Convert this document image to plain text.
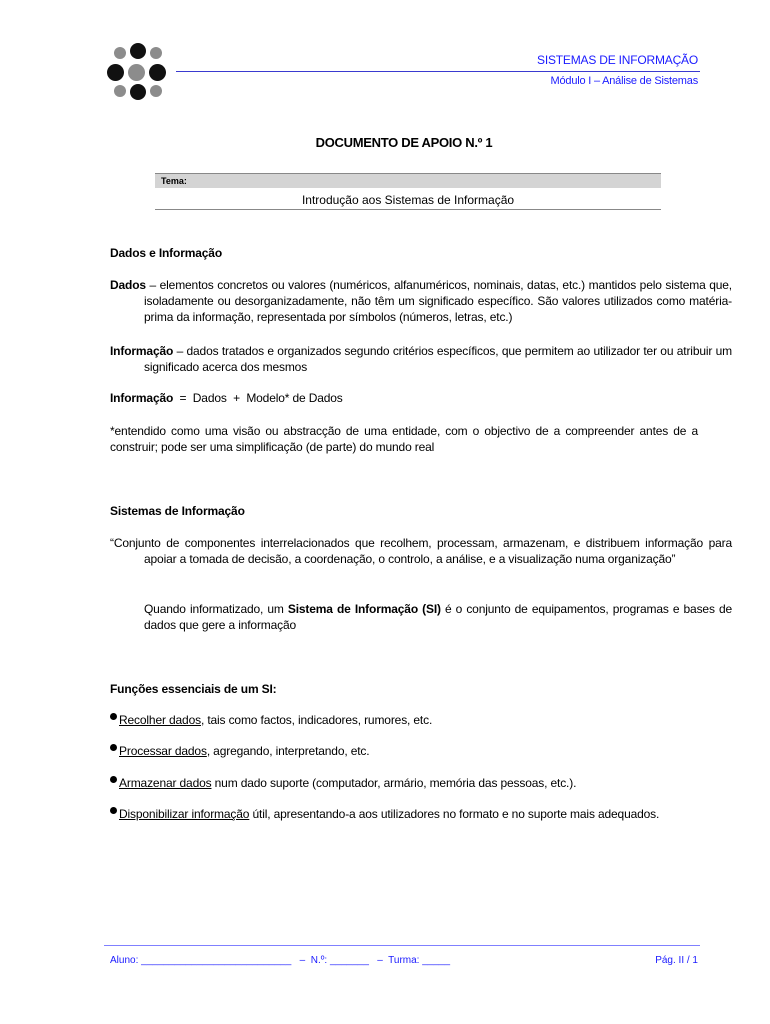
SISTEMAS DE INFORMAÇÃO
Módulo I – Análise de Sistemas
DOCUMENTO DE APOIO N.º 1
Tema:
Introdução aos Sistemas de Informação
Dados e Informação
Dados – elementos concretos ou valores (numéricos, alfanuméricos, nominais, datas, etc.) mantidos pelo sistema que, isoladamente ou desorganizadamente, não têm um significado específico. São valores utilizados como matéria-prima da informação, representada por símbolos (números, letras, etc.)
Informação – dados tratados e organizados segundo critérios específicos, que permitem ao utilizador ter ou atribuir um significado acerca dos mesmos
Informação  =  Dados  +  Modelo* de Dados
*entendido como uma visão ou abstracção de uma entidade, com o objectivo de a compreender antes de a construir; pode ser uma simplificação (de parte) do mundo real
Sistemas de Informação
“Conjunto de componentes interrelacionados que recolhem, processam, armazenam, e distribuem informação para apoiar a tomada de decisão, a coordenação, o controlo, a análise, e a visualização numa organização”
Quando informatizado, um Sistema de Informação (SI) é o conjunto de equipamentos, programas e bases de dados que gere a informação
Funções essenciais de um SI:
Recolher dados, tais como factos, indicadores, rumores, etc.
Processar dados, agregando, interpretando, etc.
Armazenar dados num dado suporte (computador, armário, memória das pessoas, etc.).
Disponibilizar informação útil, apresentando-a aos utilizadores no formato e no suporte mais adequados.
Aluno: ___________________________   –  N.º: _______   –  Turma: _____	Pág. II / 1
